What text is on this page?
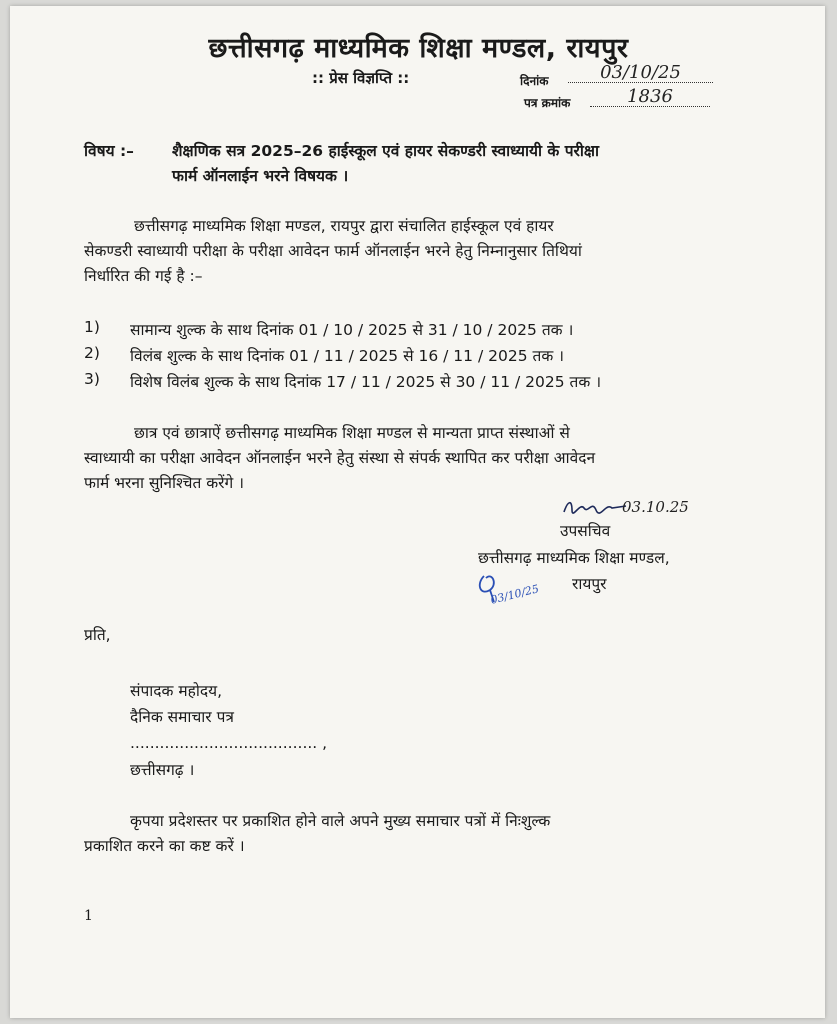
छत्तीसगढ़ माध्यमिक शिक्षा मण्डल, रायपुर
:: प्रेस विज्ञप्ति ::	दिनांक	03/10/25
पत्र क्रमांक	1836
विषय :– शैक्षणिक सत्र 2025–26 हाईस्कूल एवं हायर सेकण्डरी स्वाध्यायी के परीक्षा
फार्म ऑनलाईन भरने विषयक ।
छत्तीसगढ़ माध्यमिक शिक्षा मण्डल, रायपुर द्वारा संचालित हाईस्कूल एवं हायर
सेकण्डरी स्वाध्यायी परीक्षा के परीक्षा आवेदन फार्म ऑनलाईन भरने हेतु निम्नानुसार तिथियां
निर्धारित की गई है :–
1) सामान्य शुल्क के साथ दिनांक 01 / 10 / 2025 से 31 / 10 / 2025 तक ।
2) विलंब शुल्क के साथ दिनांक 01 / 11 / 2025 से 16 / 11 / 2025 तक ।
3) विशेष विलंब शुल्क के साथ दिनांक 17 / 11 / 2025 से 30 / 11 / 2025 तक ।
छात्र एवं छात्राऐं छत्तीसगढ़ माध्यमिक शिक्षा मण्डल से मान्यता प्राप्त संस्थाओं से
स्वाध्यायी का परीक्षा आवेदन ऑनलाईन भरने हेतु संस्था से संपर्क स्थापित कर परीक्षा आवेदन
फार्म भरना सुनिश्चित करेंगे ।
03.10.25
उपसचिव
छत्तीसगढ़ माध्यमिक शिक्षा मण्डल,
रायपुर
03/10/25
प्रति,
संपादक महोदय,
दैनिक समाचार पत्र
...................................... ,
छत्तीसगढ़ ।
कृपया प्रदेशस्तर पर प्रकाशित होने वाले अपने मुख्य समाचार पत्रों में निःशुल्क
प्रकाशित करने का कष्ट करें ।
1
